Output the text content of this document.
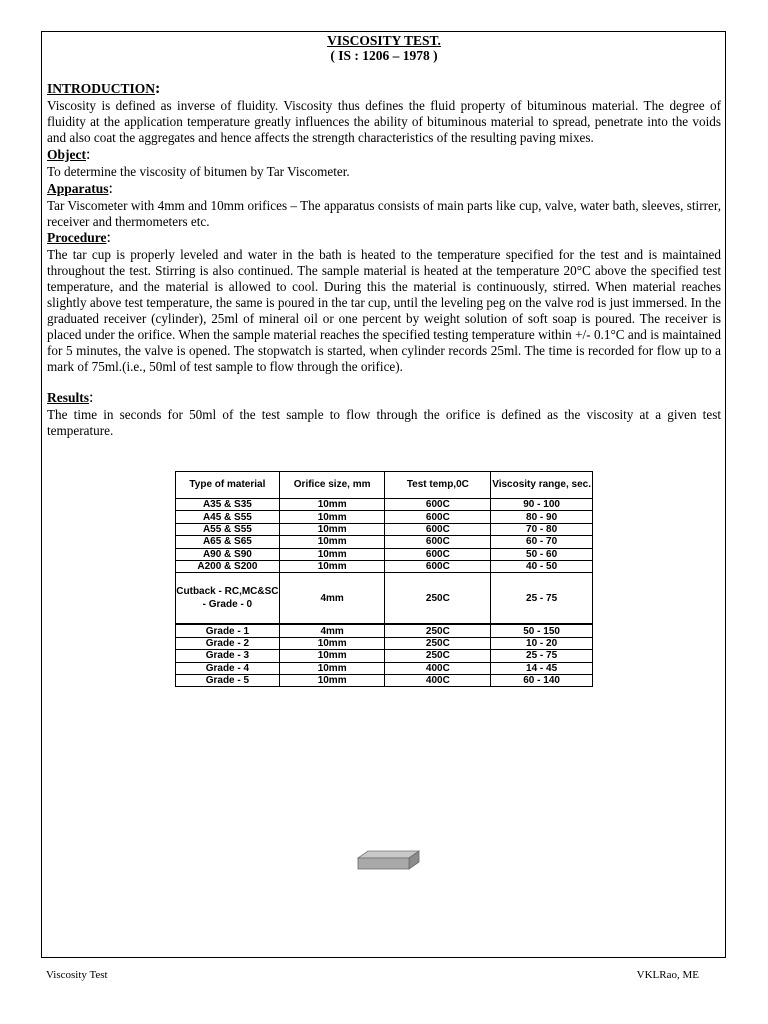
VISCOSITY TEST.
( IS : 1206 – 1978 )
INTRODUCTION:

Viscosity is defined as inverse of fluidity. Viscosity thus defines the fluid property of bituminous material. The degree of fluidity at the application temperature greatly influences the ability of bituminous material to spread, penetrate into the voids and also coat the aggregates and hence affects the strength characteristics of the resulting paving mixes.

Object:

To determine the viscosity of bitumen by Tar Viscometer.

Apparatus:

Tar Viscometer with 4mm and 10mm orifices – The apparatus consists of main parts like cup, valve, water bath, sleeves, stirrer, receiver and thermometers etc.

Procedure:

The tar cup is properly leveled and water in the bath is heated to the temperature specified for the test and is maintained throughout the test. Stirring is also continued. The sample material is heated at the temperature 20°C above the specified test temperature, and the material is allowed to cool. During this the material is continuously, stirred. When material reaches slightly above test temperature, the same is poured in the tar cup, until the leveling peg on the valve rod is just immersed. In the graduated receiver (cylinder), 25ml of mineral oil or one percent by weight solution of soft soap is poured. The receiver is placed under the orifice. When the sample material reaches the specified testing temperature within +/- 0.1°C and is maintained for 5 minutes, the valve is opened. The stopwatch is started, when cylinder records 25ml. The time is recorded for flow up to a mark of 75ml.(i.e., 50ml of test sample to flow through the orifice).

Results:

The time in seconds for 50ml of the test sample to flow through the orifice is defined as the viscosity at a given test temperature.

Type of material	Orifice size, mm	Test temp,0C	Viscosity range, sec.
A35 & S35	10mm	600C	90 - 100
A45 & S55	10mm	600C	80 - 90
A55 & S55	10mm	600C	70 - 80
A65 & S65	10mm	600C	60 - 70
A90 & S90	10mm	600C	50 - 60
A200 & S200	10mm	600C	40 - 50
Cutback - RC,MC&SC - Grade - 0	4mm	250C	25 - 75
Grade - 1	4mm	250C	50 - 150
Grade - 2	10mm	250C	10 - 20
Grade - 3	10mm	250C	25 - 75
Grade - 4	10mm	400C	14 - 45
Grade - 5	10mm	400C	60 - 140
Viscosity Test	VKLRao, ME
